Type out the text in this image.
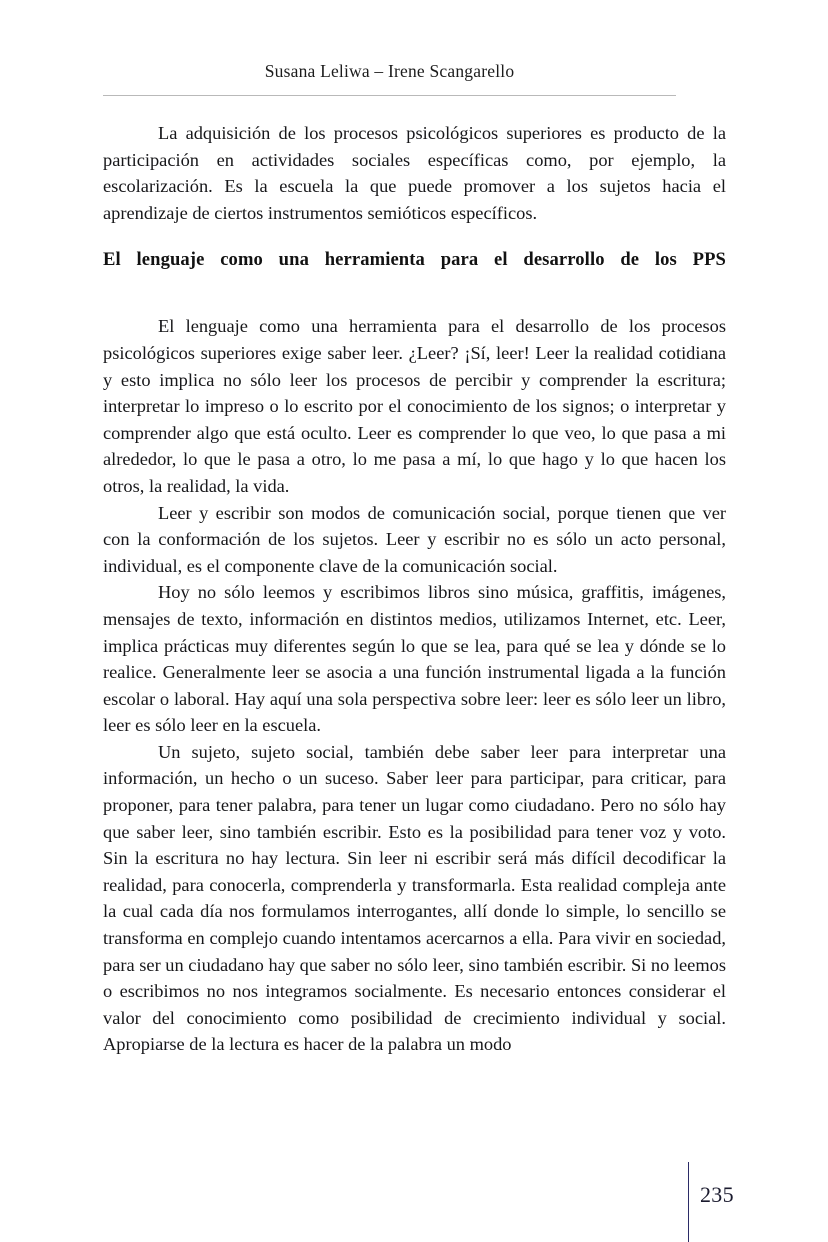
Susana Leliwa – Irene Scangarello

La adquisición de los procesos psicológicos superiores es producto de la participación en actividades sociales específicas como, por ejemplo, la escolarización. Es la escuela la que puede promover a los sujetos hacia el aprendizaje de ciertos instrumentos semióticos específicos.

El lenguaje como una herramienta para el desarrollo de los PPS

El lenguaje como una herramienta para el desarrollo de los procesos psicológicos superiores exige saber leer. ¿Leer? ¡Sí, leer! Leer la realidad cotidiana y esto implica no sólo leer los procesos de percibir y comprender la escritura; interpretar lo impreso o lo escrito por el conocimiento de los signos; o interpretar y comprender algo que está oculto. Leer es comprender lo que veo, lo que pasa a mi alrededor, lo que le pasa a otro, lo me pasa a mí, lo que hago y lo que hacen los otros, la realidad, la vida.

Leer y escribir son modos de comunicación social, porque tienen que ver con la conformación de los sujetos. Leer y escribir no es sólo un acto personal, individual, es el componente clave de la comunicación social.

Hoy no sólo leemos y escribimos libros sino música, graffitis, imágenes, mensajes de texto, información en distintos medios, utilizamos Internet, etc. Leer, implica prácticas muy diferentes según lo que se lea, para qué se lea y dónde se lo realice. Generalmente leer se asocia a una función instrumental ligada a la función escolar o laboral. Hay aquí una sola perspectiva sobre leer: leer es sólo leer un libro, leer es sólo leer en la escuela.

Un sujeto, sujeto social, también debe saber leer para interpretar una información, un hecho o un suceso. Saber leer para participar, para criticar, para proponer, para tener palabra, para tener un lugar como ciudadano. Pero no sólo hay que saber leer, sino también escribir. Esto es la posibilidad para tener voz y voto. Sin la escritura no hay lectura. Sin leer ni escribir será más difícil decodificar la realidad, para conocerla, comprenderla y transformarla. Esta realidad compleja ante la cual cada día nos formulamos interrogantes, allí donde lo simple, lo sencillo se transforma en complejo cuando intentamos acercarnos a ella. Para vivir en sociedad, para ser un ciudadano hay que saber no sólo leer, sino también escribir. Si no leemos o escribimos no nos integramos socialmente. Es necesario entonces considerar el valor del conocimiento como posibilidad de crecimiento individual y social. Apropiarse de la lectura es hacer de la palabra un modo

235
